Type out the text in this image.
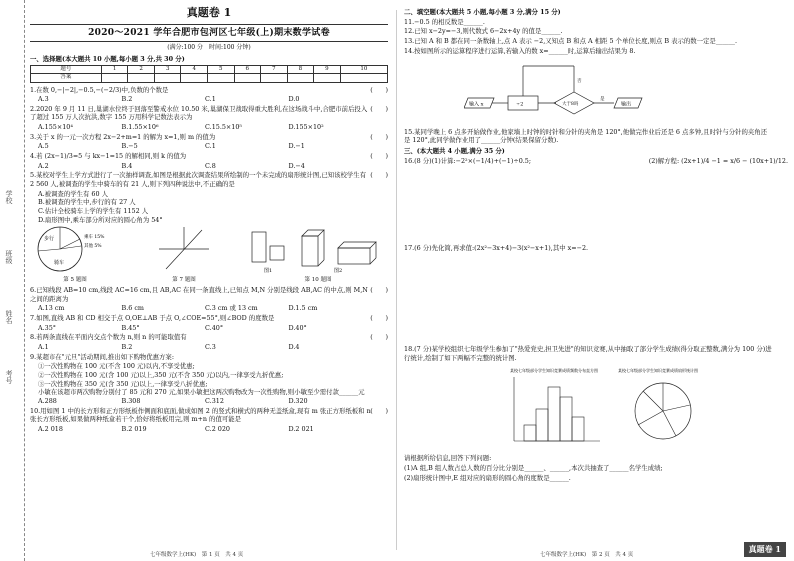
学校
班级
姓名
考号
真题卷 1
2020～2021 学年合肥市包河区七年级(上)期末数学试卷
(满分:100 分　时间:100 分钟)
一、选择题(本大题共 10 小题,每小题 3 分,共 30 分)
题号	1	2	3	4	5	6	7	8	9	10
答案										
1.在数 0,−|−2|,−0.5,−(−2/3)中,负数的个数是	(　　)
A.3	B.2	C.1	D.0
2.2020 年 9 月 11 日,巢湖水位终于回落至警戒水位 10.50 米,巢湖保卫战取得重大胜利,在这场战斗中,合肥市前后投入了超过 155 万人次抗洪,数字 155 万用科学记数法表示为
(　　)
A.155×10⁴	B.1.55×10⁶	C.15.5×10⁵	D.155×10²
3.关于 x 的一元一次方程 2x−2+m=1 的解为 x=1,则 m 的值为	(　　)
A.5	B.−5	C.1	D.−1
4.若 (2x−1)/3=5 与 kx−1=15 的解相同,则 k 的值为	(　　)
A.2	B.4	C.8	D.−4
5.某校对学生上学方式进行了一次抽样调查,如图是根据此次调查结果所绘制的一个未完成的扇形统计图,已知该校学生有 2 560 人,被调查的学生中骑车的有 21 人,则下列四种说法中,不正确的是
(　　)
A.被调查的学生有 60 人
B.被调查的学生中,步行的有 27 人
C.估计全校骑车上学的学生有 1152 人
D.扇形图中,乘车部分所对应的圆心角为 54°
步行
骑车
乘车 15%
其他 5%
第 5 题图	第 7 题图
图1	图2
第 10 题图
6.已知线段 AB=10 cm,线段 AC=16 cm,且 AB,AC 在同一条直线上,已知点 M,N 分别是线段 AB,AC 的中点,则 M,N 之间的距离为
(　　)
A.13 cm	B.6 cm	C.3 cm 或 13 cm	D.1.5 cm
7.如图,直线 AB 和 CD 相交于点 O,OE⊥AB 于点 O,∠COE=55°,则∠BOD 的度数是	(　　)
A.35°	B.45°	C.40°	D.40°
8.若两条直线在平面内交点个数为 n,则 n 的可能取值有	(　　)
A.1	B.2	C.3	D.4
9.某超市在"元旦"活动期间,推出如下购物优惠方案:
①一次性购物在 100 元(不含 100 元)以内,不享受优惠;
②一次性购物在 100 元(含 100 元)以上,350 元(不含 350 元)以内,一律享受九折优惠;
③一次性购物在 350 元(含 350 元)以上,一律享受八折优惠;
小敏在该超市两次购物分别付了 85 元和 270 元,如果小敏把这两次购物改为一次性购物,则小敏至少需付款______元
A.288	B.308	C.312	D.320
10.用如图 1 中的长方形和正方形纸板作侧面和底面,做成如图 2 的竖式和横式的两种无盖纸盒,现有 m 张正方形纸板和 n 张长方形纸板,如果做两种纸盒若干个,恰好将纸板用完,则 m+n 的值可能是
(　　)
A.2 018	B.2 019	C.2 020	D.2 021
七年级数学上(HK)　第 1 页　共 4 页
二、填空题(本大题共 5 小题,每小题 3 分,满分 15 分)
11.−0.5 的相反数是______.
12.已知 x−2y=−3,则代数式 6−2x+4y 的值是______.
13.已知 A 和 B 都在同一条数轴上,点 A 表示 −2,又知点 B 和点 A 相距 5 个单位长度,则点 B 表示的数一定是______.
14.按如图所示的运算程序进行运算,若输入的数 x=______时,运算后输出结果为 8.
输入 x	÷2	大于8吗
是
输出
否
15.某同学晚上 6 点多开始做作业,他家墙上时钟的时针和分针的夹角是 120°,他做完作业后还是 6 点多钟,且时针与分针的夹角还是 120°,此同学做作业用了______分钟(结果保留分数).
三、(本大题共 4 小题,满分 35 分)
16.(8 分)(1)计算:−2²×(−1/4)+(−1)÷0.5;	(2)解方程: (2x+1)/4 −1 = x/6 − (10x+1)/12.
17.(6 分)先化简,再求值:(2x²−3x+4)−3(x²−x+1),其中 x=−2.
18.(7 分)某学校组织七年级学生参加了"热爱党史,担卫先进"的知识竞赛,从中抽取了部分学生成绩(得分取正整数,满分为 100 分)进行统计,绘制了如下两幅不完整的统计图.
某校七年级部分学生知识竞赛成绩频数分布直方图	某校七年级部分学生知识竞赛成绩扇形统计图
请根据所给信息,回答下列问题:
(1)A 组,B 组人数占总人数的百分比分别是______、______,本次共抽查了______名学生成绩;
(2)扇形统计图中,E 组对应的扇形的圆心角的度数是______.
七年级数学上(HK)　第 2 页　共 4 页
真题卷 1
